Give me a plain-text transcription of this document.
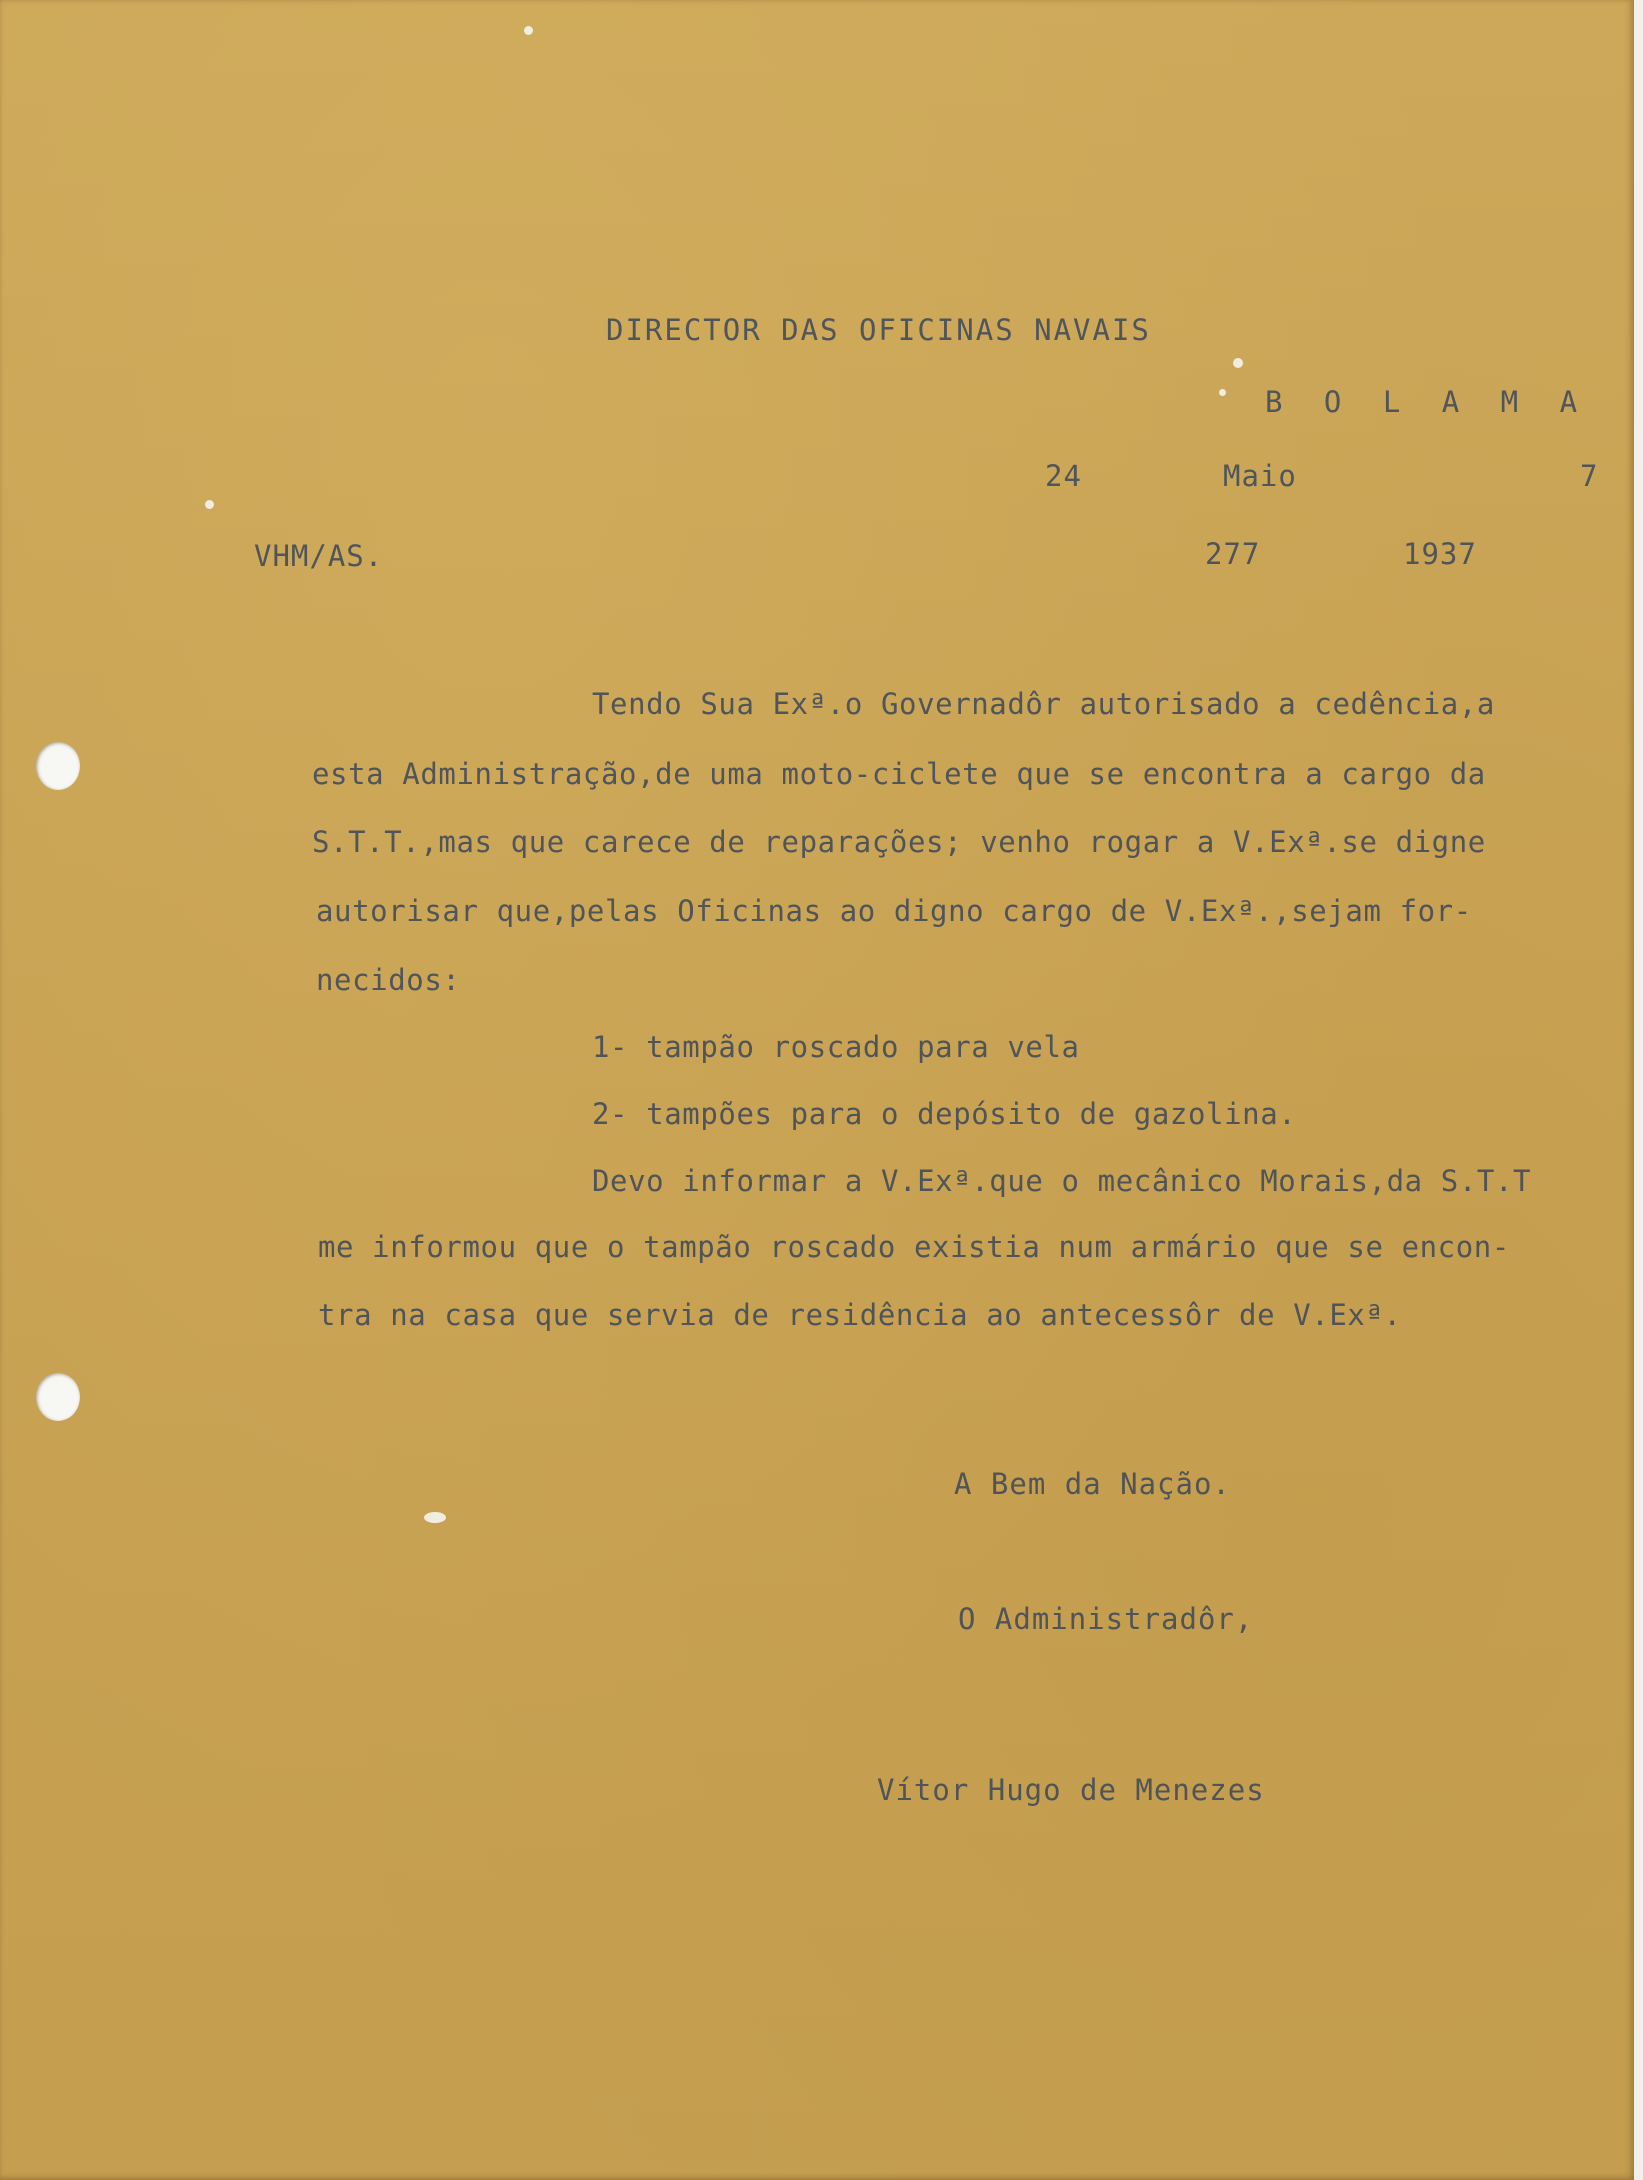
DIRECTOR DAS OFICINAS NAVAIS
B O L A M A
24	Maio	7
VHM/AS.	277	1937
Tendo Sua Exª.o Governadôr autorisado a cedência,a
esta Administração,de uma moto-ciclete que se encontra a cargo da
S.T.T.,mas que carece de reparações; venho rogar a V.Exª.se digne
autorisar que,pelas Oficinas ao digno cargo de V.Exª.,sejam for-
necidos:
1- tampão roscado para vela
2- tampões para o depósito de gazolina.
Devo informar a V.Exª.que o mecânico Morais,da S.T.T
me informou que o tampão roscado existia num armário que se encon-
tra na casa que servia de residência ao antecessôr de V.Exª.
A Bem da Nação.
O Administradôr,
Vítor Hugo de Menezes
